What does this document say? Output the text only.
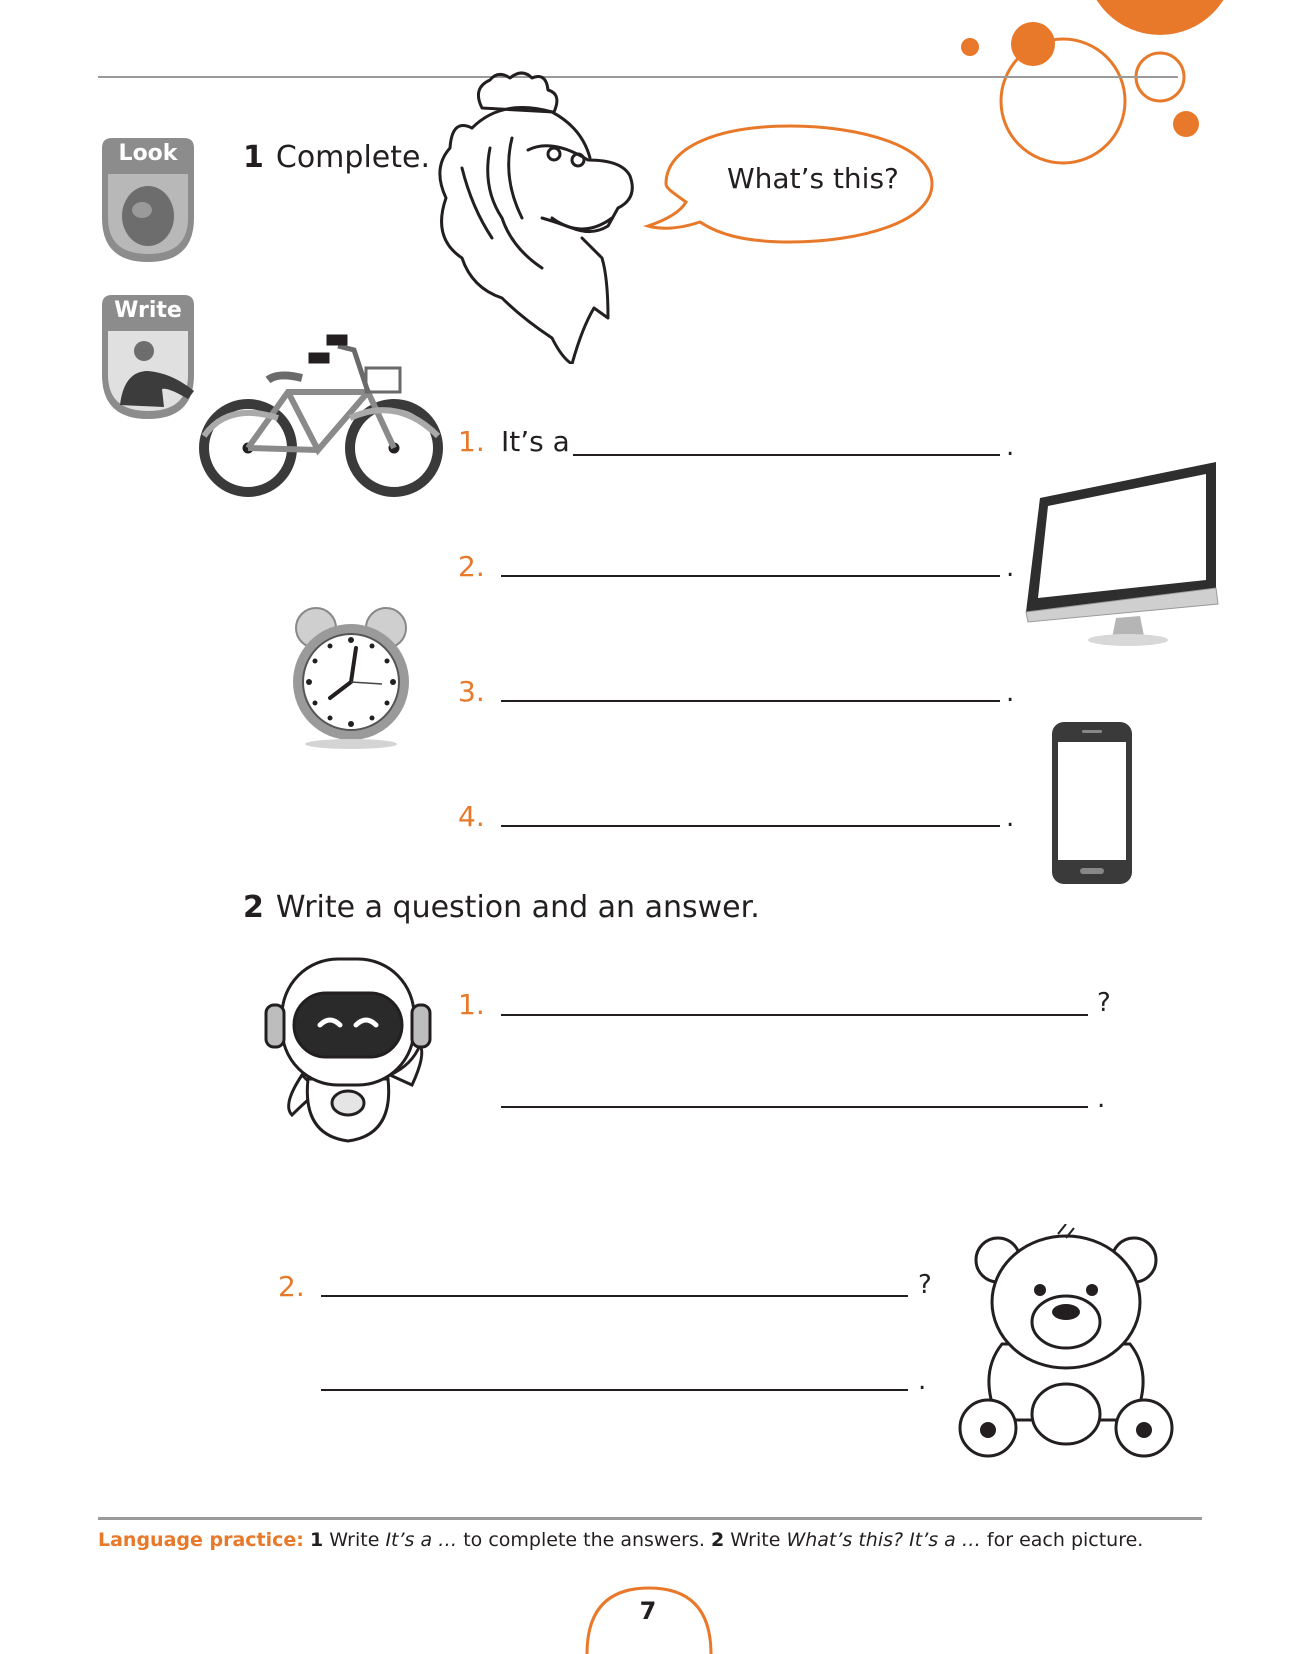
Look
Write
1 Complete.
What’s this?
1. It’s a	.
2.	.
3.	.
4.	.
2 Write a question and an answer.
1.	?
.
2.	?
.
Language practice: 1 Write It’s a … to complete the answers. 2 Write What’s this? It’s a … for each picture.
7
